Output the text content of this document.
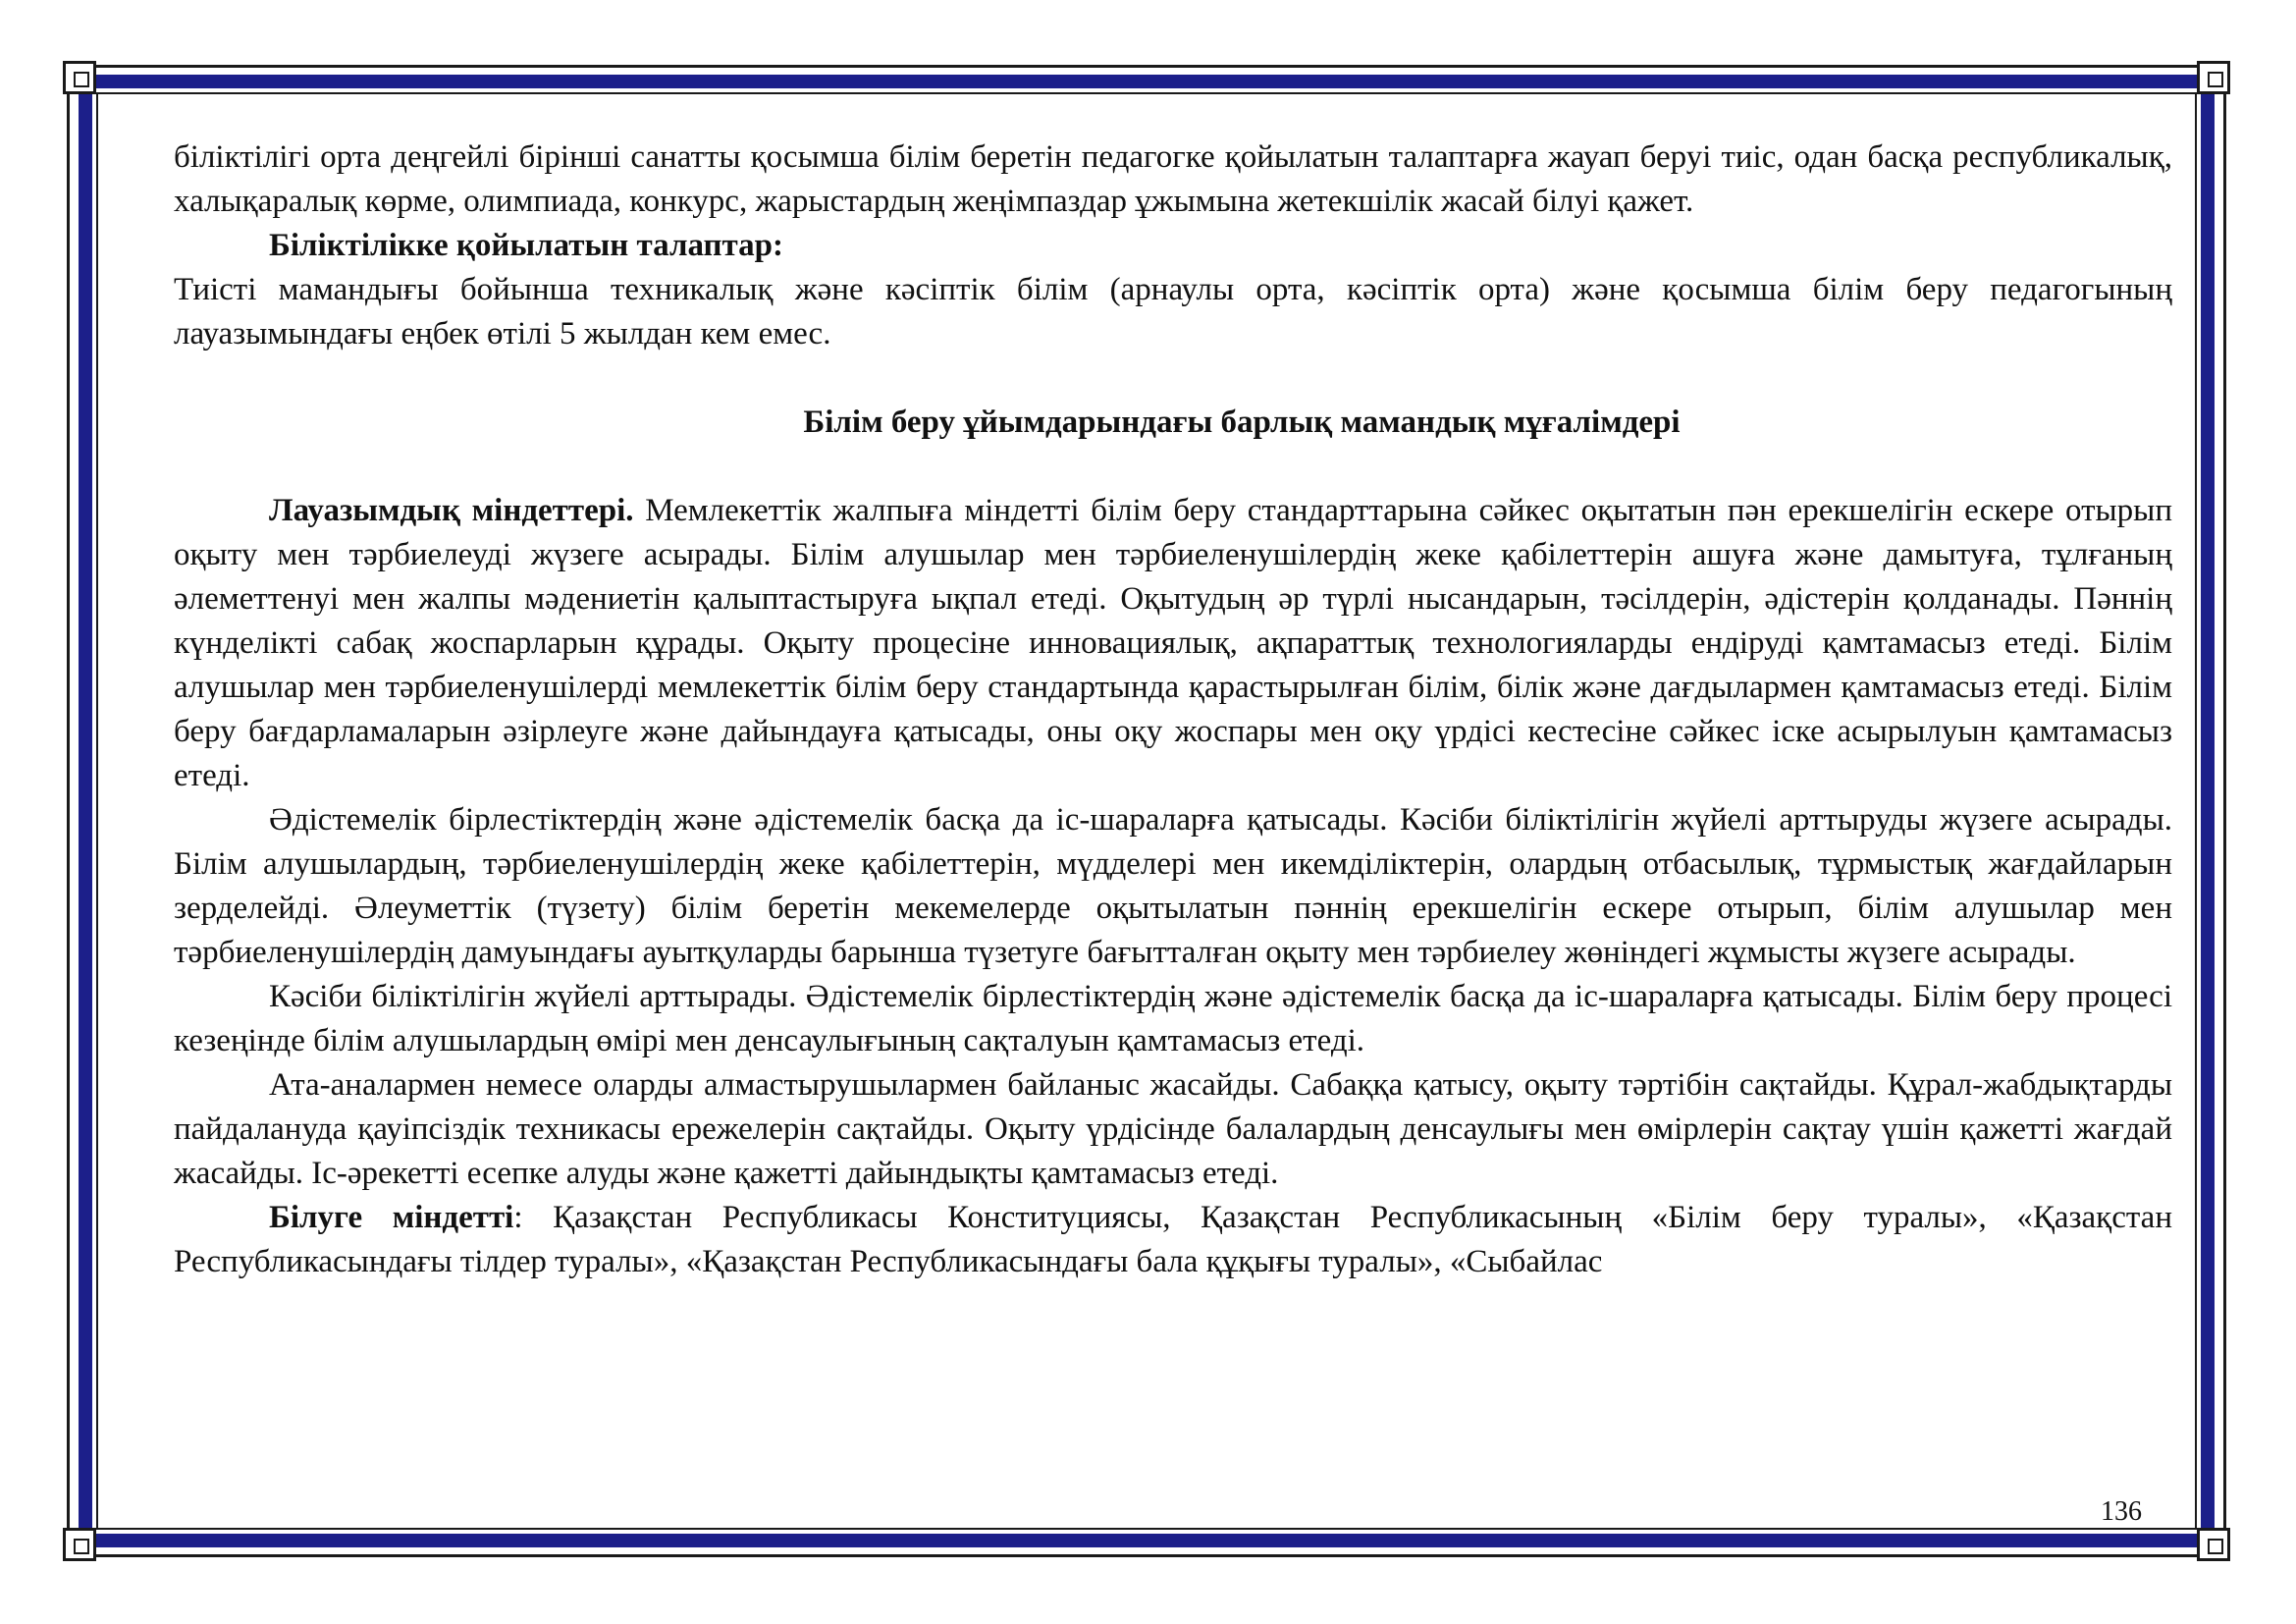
біліктілігі орта деңгейлі бірінші санатты қосымша білім беретін педагогке қойылатын талаптарға жауап беруі тиіс, одан басқа республикалық, халықаралық көрме, олимпиада, конкурс, жарыстардың жеңімпаздар ұжымына жетекшілік жасай білуі қажет.

Біліктілікке қойылатын талаптар:

Тиісті мамандығы бойынша техникалық және кәсіптік білім (арнаулы орта, кәсіптік орта) және қосымша білім беру педагогының лауазымындағы еңбек өтілі 5 жылдан кем емес.

Білім беру ұйымдарындағы барлық мамандық мұғалімдері

Лауазымдық міндеттері. Мемлекеттік жалпыға міндетті білім беру стандарттарына сәйкес оқытатын пән ерекшелігін ескере отырып оқыту мен тәрбиелеуді жүзеге асырады. Білім алушылар мен тәрбиеленушілердің жеке қабілеттерін ашуға және дамытуға, тұлғаның әлеметтенуі мен жалпы мәдениетін қалыптастыруға ықпал етеді. Оқытудың әр түрлі нысандарын, тәсілдерін, әдістерін қолданады. Пәннің күнделікті сабақ жоспарларын құрады. Оқыту процесіне инновациялық, ақпараттық технологияларды ендіруді қамтамасыз етеді. Білім алушылар мен тәрбиеленушілерді мемлекеттік білім беру стандартында қарастырылған білім, білік және дағдылармен қамтамасыз етеді. Білім беру бағдарламаларын әзірлеуге және дайындауға қатысады, оны оқу жоспары мен оқу үрдісі кестесіне сәйкес іске асырылуын қамтамасыз етеді.

Әдістемелік бірлестіктердің және әдістемелік басқа да іс-шараларға қатысады. Кәсіби біліктілігін жүйелі арттыруды жүзеге асырады. Білім алушылардың, тәрбиеленушілердің жеке қабілеттерін, мүдделері мен икемділіктерін, олардың отбасылық, тұрмыстық жағдайларын зерделейді. Әлеуметтік (түзету) білім беретін мекемелерде оқытылатын пәннің ерекшелігін ескере отырып, білім алушылар мен тәрбиеленушілердің дамуындағы ауытқуларды барынша түзетуге бағытталған оқыту мен тәрбиелеу жөніндегі жұмысты жүзеге асырады.

Кәсіби біліктілігін жүйелі арттырады. Әдістемелік бірлестіктердің және әдістемелік басқа да іс-шараларға қатысады. Білім беру процесі кезеңінде білім алушылардың өмірі мен денсаулығының сақталуын қамтамасыз етеді.

Ата-аналармен немесе оларды алмастырушылармен байланыс жасайды. Сабаққа қатысу, оқыту тәртібін сақтайды. Құрал-жабдықтарды пайдалануда қауіпсіздік техникасы ережелерін сақтайды. Оқыту үрдісінде балалардың денсаулығы мен өмірлерін сақтау үшін қажетті жағдай жасайды. Іс-әрекетті есепке алуды және қажетті дайындықты қамтамасыз етеді.

Білуге міндетті: Қазақстан Республикасы Конституциясы, Қазақстан Республикасының «Білім беру туралы», «Қазақстан Республикасындағы тілдер туралы», «Қазақстан Республикасындағы бала құқығы туралы», «Сыбайлас

136
